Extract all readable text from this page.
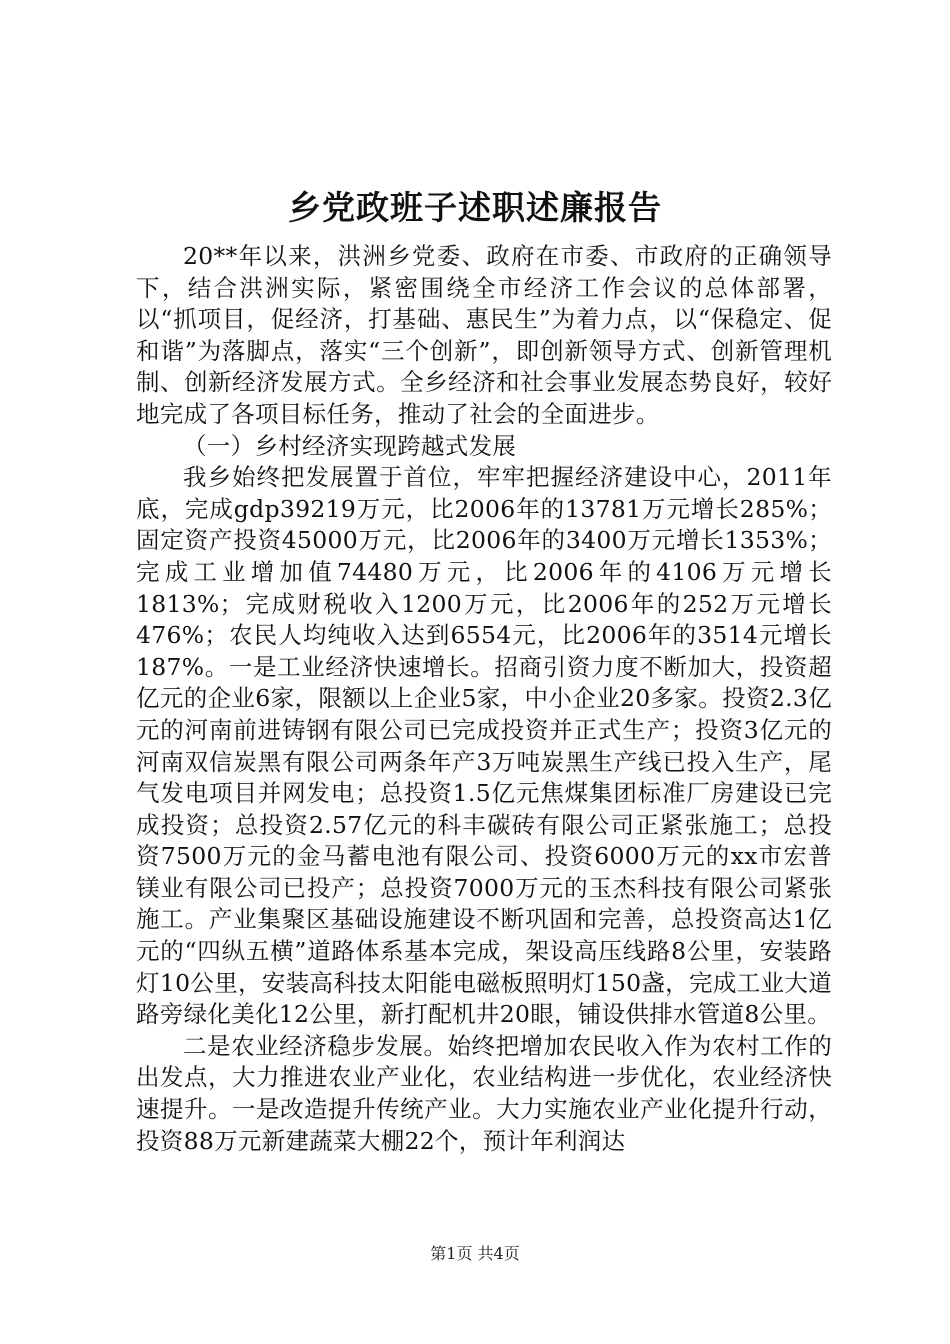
乡党政班子述职述廉报告

20**年以来，洪洲乡党委、政府在市委、市政府的正确领导下，结合洪洲实际，紧密围绕全市经济工作会议的总体部署，以“抓项目，促经济，打基础、惠民生”为着力点，以“保稳定、促和谐”为落脚点，落实“三个创新”，即创新领导方式、创新管理机制、创新经济发展方式。全乡经济和社会事业发展态势良好，较好地完成了各项目标任务，推动了社会的全面进步。

（一）乡村经济实现跨越式发展

我乡始终把发展置于首位，牢牢把握经济建设中心，2011年底，完成gdp39219万元，比2006年的13781万元增长285%；固定资产投资45000万元，比2006年的3400万元增长1353%；完成工业增加值74480万元，比2006年的4106万元增长1813%；完成财税收入1200万元，比2006年的252万元增长476%；农民人均纯收入达到6554元，比2006年的3514元增长187%。一是工业经济快速增长。招商引资力度不断加大，投资超亿元的企业6家，限额以上企业5家，中小企业20多家。投资2.3亿元的河南前进铸钢有限公司已完成投资并正式生产；投资3亿元的河南双信炭黑有限公司两条年产3万吨炭黑生产线已投入生产，尾气发电项目并网发电；总投资1.5亿元焦煤集团标准厂房建设已完成投资；总投资2.57亿元的科丰碳砖有限公司正紧张施工；总投资7500万元的金马蓄电池有限公司、投资6000万元的xx市宏普镁业有限公司已投产；总投资7000万元的玉杰科技有限公司紧张施工。产业集聚区基础设施建设不断巩固和完善，总投资高达1亿元的“四纵五横”道路体系基本完成，架设高压线路8公里，安装路灯10公里，安装高科技太阳能电磁板照明灯150盏，完成工业大道路旁绿化美化12公里，新打配机井20眼，铺设供排水管道8公里。

二是农业经济稳步发展。始终把增加农民收入作为农村工作的出发点，大力推进农业产业化，农业结构进一步优化，农业经济快速提升。一是改造提升传统产业。大力实施农业产业化提升行动，投资88万元新建蔬菜大棚22个，预计年利润达

第1页 共4页
